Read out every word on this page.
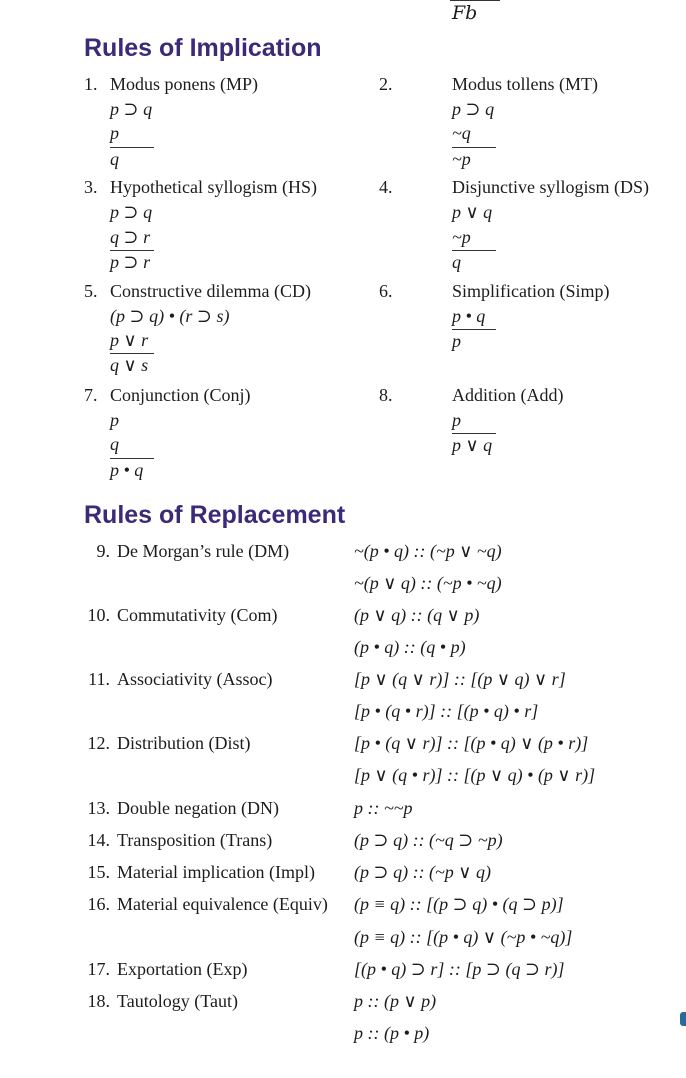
Fb
Rules of Implication
1. Modus ponens (MP)
p ⊃ q
p
q
2.	Modus tollens (MT)
p ⊃ q
~q
~p
3. Hypothetical syllogism (HS)
p ⊃ q
q ⊃ r
p ⊃ r
4.	Disjunctive syllogism (DS)
p ∨ q
~p
q
5. Constructive dilemma (CD)
(p ⊃ q) • (r ⊃ s)
p ∨ r
q ∨ s
6.	Simplification (Simp)
p • q
p
7. Conjunction (Conj)
p
q
p • q
8.	Addition (Add)
p
p ∨ q
Rules of Replacement
9. De Morgan’s rule (DM)	~(p • q) :: (~p ∨ ~q)
~(p ∨ q) :: (~p • ~q)
10. Commutativity (Com)	(p ∨ q) :: (q ∨ p)
(p • q) :: (q • p)
11. Associativity (Assoc)	[p ∨ (q ∨ r)] :: [(p ∨ q) ∨ r]
[p • (q • r)] :: [(p • q) • r]
12. Distribution (Dist)	[p • (q ∨ r)] :: [(p • q) ∨ (p • r)]
[p ∨ (q • r)] :: [(p ∨ q) • (p ∨ r)]
13. Double negation (DN)	p :: ~~p
14. Transposition (Trans)	(p ⊃ q) :: (~q ⊃ ~p)
15. Material implication (Impl) (p ⊃ q) :: (~p ∨ q)
16. Material equivalence (Equiv) (p ≡ q) :: [(p ⊃ q) • (q ⊃ p)]
(p ≡ q) :: [(p • q) ∨ (~p • ~q)]
17. Exportation (Exp)	[(p • q) ⊃ r] :: [p ⊃ (q ⊃ r)]
18. Tautology (Taut)	p :: (p ∨ p)
p :: (p • p)
